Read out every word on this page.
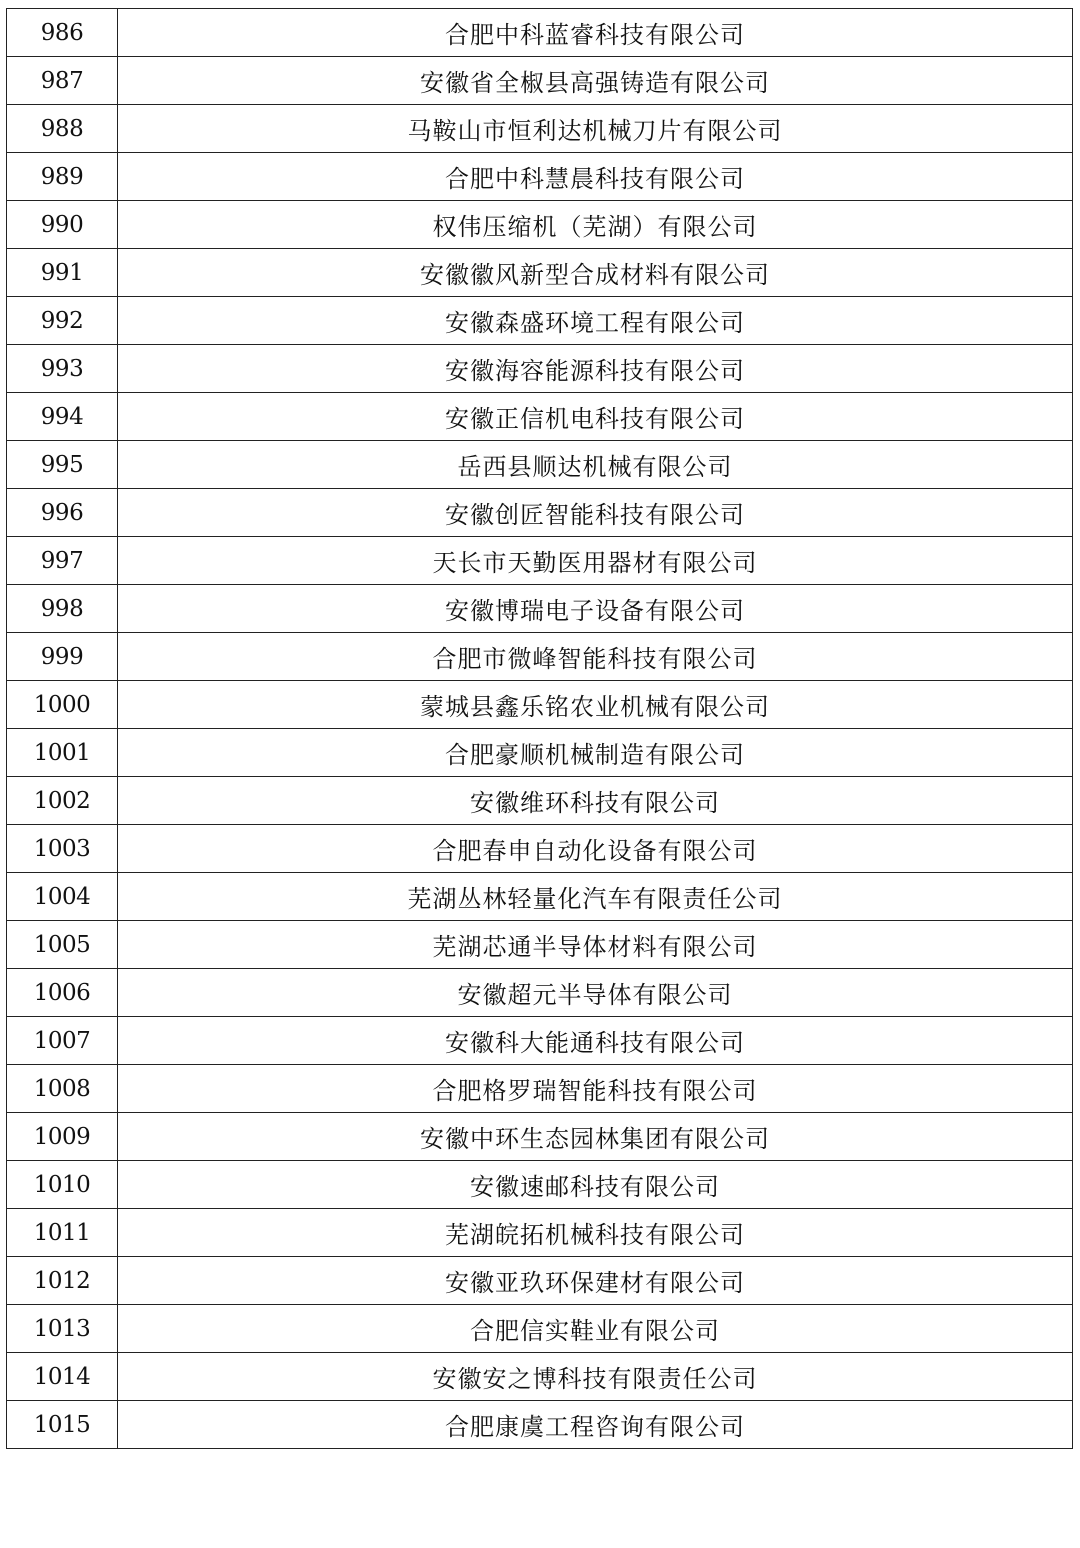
986	合肥中科蓝睿科技有限公司
987	安徽省全椒县高强铸造有限公司
988	马鞍山市恒利达机械刀片有限公司
989	合肥中科慧晨科技有限公司
990	权伟压缩机（芜湖）有限公司
991	安徽徽风新型合成材料有限公司
992	安徽森盛环境工程有限公司
993	安徽海容能源科技有限公司
994	安徽正信机电科技有限公司
995	岳西县顺达机械有限公司
996	安徽创匠智能科技有限公司
997	天长市天勤医用器材有限公司
998	安徽博瑞电子设备有限公司
999	合肥市微峰智能科技有限公司
1000	蒙城县鑫乐铭农业机械有限公司
1001	合肥豪顺机械制造有限公司
1002	安徽维环科技有限公司
1003	合肥春申自动化设备有限公司
1004	芜湖丛林轻量化汽车有限责任公司
1005	芜湖芯通半导体材料有限公司
1006	安徽超元半导体有限公司
1007	安徽科大能通科技有限公司
1008	合肥格罗瑞智能科技有限公司
1009	安徽中环生态园林集团有限公司
1010	安徽速邮科技有限公司
1011	芜湖皖拓机械科技有限公司
1012	安徽亚玖环保建材有限公司
1013	合肥信实鞋业有限公司
1014	安徽安之博科技有限责任公司
1015	合肥康虞工程咨询有限公司
